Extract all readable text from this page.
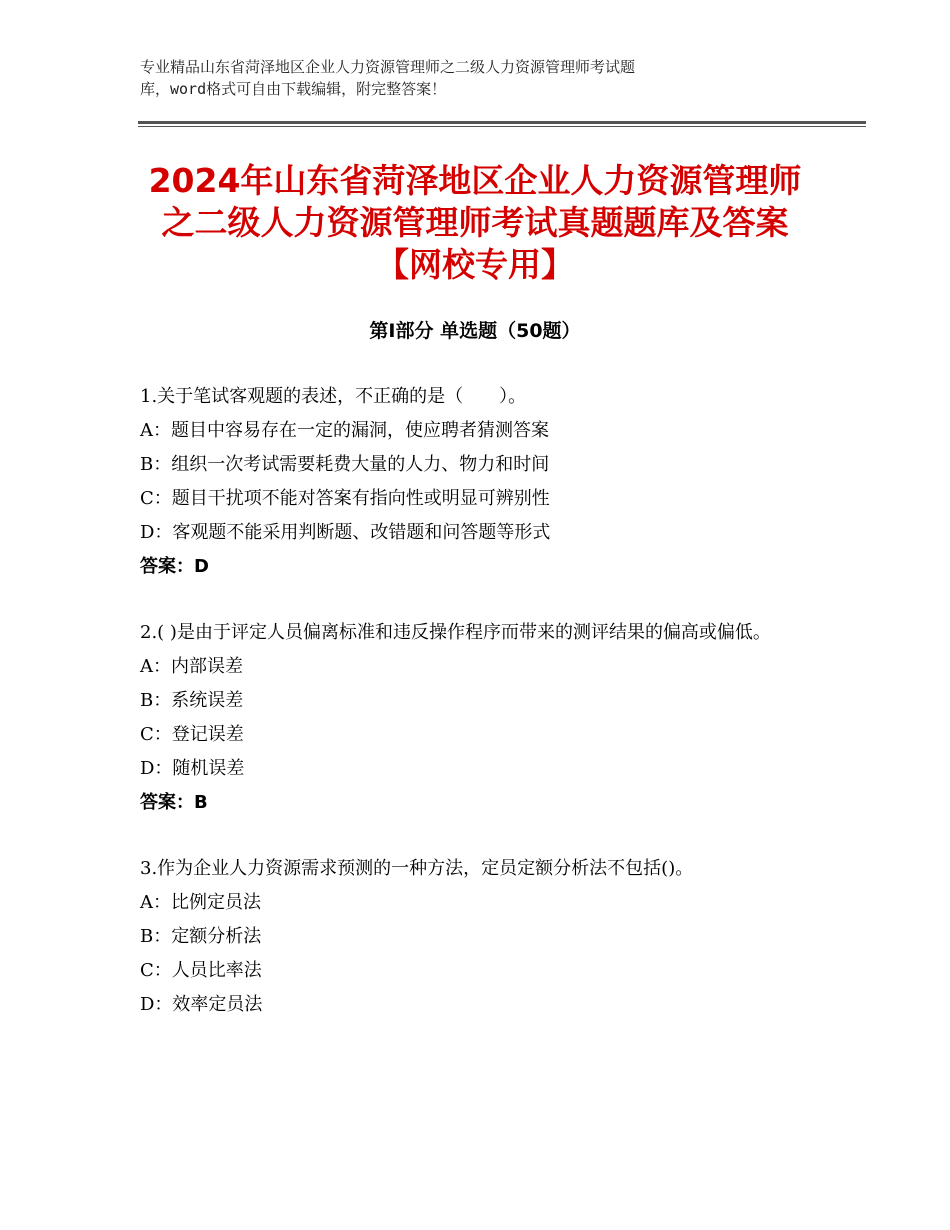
专业精品山东省菏泽地区企业人力资源管理师之二级人力资源管理师考试题
库，word格式可自由下载编辑，附完整答案！
2024年山东省菏泽地区企业人力资源管理师
之二级人力资源管理师考试真题题库及答案
【网校专用】
第Ⅰ部分 单选题（50题）
1.关于笔试客观题的表述，不正确的是（　　）。
A：题目中容易存在一定的漏洞，使应聘者猜测答案
B：组织一次考试需要耗费大量的人力、物力和时间
C：题目干扰项不能对答案有指向性或明显可辨别性
D：客观题不能采用判断题、改错题和问答题等形式
答案：D
2.( )是由于评定人员偏离标准和违反操作程序而带来的测评结果的偏高或偏低。
A：内部误差
B：系统误差
C：登记误差
D：随机误差
答案：B
3.作为企业人力资源需求预测的一种方法，定员定额分析法不包括()。
A：比例定员法
B：定额分析法
C：人员比率法
D：效率定员法
